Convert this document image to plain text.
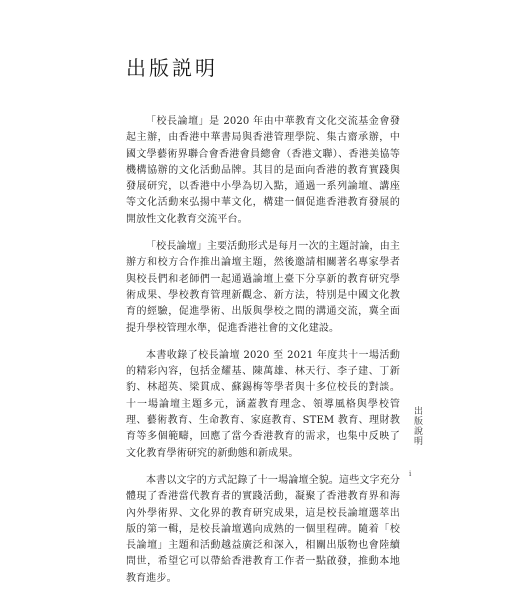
出版説明

「校長論壇」是 2020 年由中華教育文化交流基金會發起主辦，由香港中華書局與香港管理學院、集古齋承辦，中國文學藝術界聯合會香港會員總會（香港文聯）、香港美協等機構協辦的文化活動品牌。其目的是面向香港的教育實踐與發展研究，以香港中小學為切入點，通過一系列論壇、講座等文化活動來弘揚中華文化，構建一個促進香港教育發展的開放性文化教育交流平台。

「校長論壇」主要活動形式是每月一次的主題討論，由主辦方和校方合作推出論壇主題，然後邀請相關著名專家學者與校長們和老師們一起通過論壇上臺下分享新的教育研究學術成果、學校教育管理新觀念、新方法，特別是中國文化教育的經驗，促進學術、出版與學校之間的溝通交流，冀全面提升學校管理水準，促進香港社會的文化建設。

本書收錄了校長論壇 2020 至 2021 年度共十一場活動的精彩內容，包括金耀基、陳萬雄、林天行、李子建、丁新豹、林超英、梁貫成、蘇錫梅等學者與十多位校長的對談。十一場論壇主題多元，涵蓋教育理念、領導風格與學校管理、藝術教育、生命教育、家庭教育、STEM 教育、理財教育等多個範疇，回應了當今香港教育的需求，也集中反映了文化教育學術研究的新動態和新成果。

本書以文字的方式記錄了十一場論壇全貌。這些文字充分體現了香港當代教育者的實踐活動，凝聚了香港教育界和海內外學術界、文化界的教育研究成果，這是校長論壇選萃出版的第一輯，是校長論壇邁向成熟的一個里程碑。隨着「校長論壇」主題和活動越益廣泛和深入，相關出版物也會陸續問世，希望它可以帶給香港教育工作者一點啟發，推動本地教育進步。

出版說明
i
